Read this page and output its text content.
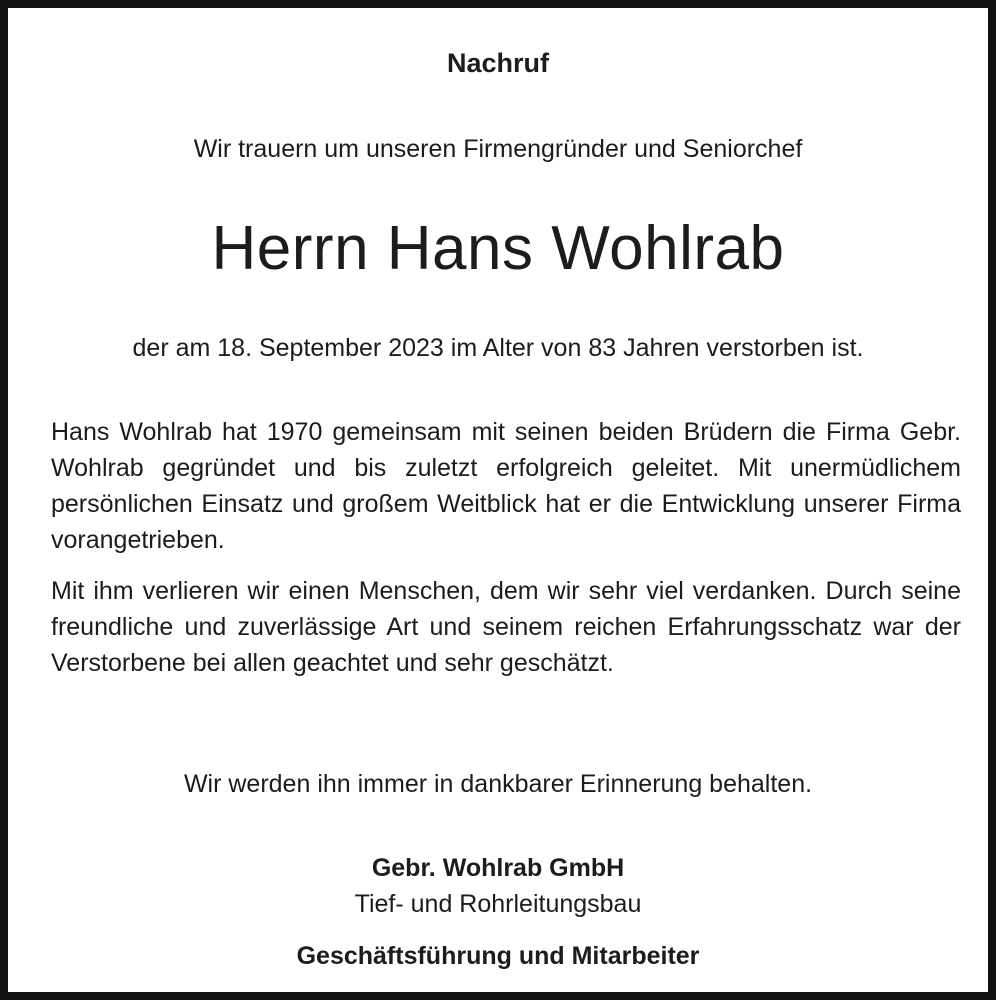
Nachruf

Wir trauern um unseren Firmengründer und Seniorchef

Herrn Hans Wohlrab

der am 18. September 2023 im Alter von 83 Jahren verstorben ist.

Hans Wohlrab hat 1970 gemeinsam mit seinen beiden Brüdern die Firma Gebr. Wohlrab gegründet und bis zuletzt erfolgreich geleitet. Mit unermüdlichem persönlichen Einsatz und großem Weitblick hat er die Entwicklung unserer Firma vorangetrieben.

Mit ihm verlieren wir einen Menschen, dem wir sehr viel verdanken. Durch seine freundliche und zuverlässige Art und seinem reichen Erfahrungsschatz war der Verstorbene bei allen geachtet und sehr geschätzt.

Wir werden ihn immer in dankbarer Erinnerung behalten.

Gebr. Wohlrab GmbH

Tief- und Rohrleitungsbau

Geschäftsführung und Mitarbeiter
